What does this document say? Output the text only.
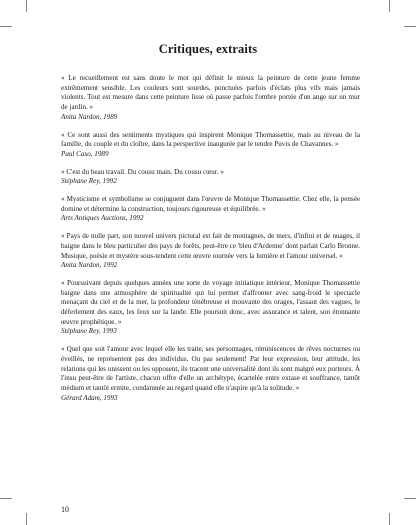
Critiques, extraits
« Le recueillement est sans doute le mot qui définit le mieux la peinture de cette jeune femme extrêmement sensible. Les couleurs sont sourdes, ponctuées parfois d'éclats plus vifs mais jamais violents. Tout est mesure dans cette peinture lisse où passe parfois l'ombre portée d'un ange sur un mur de jardin. »
Anita Nardon, 1989
« Ce sont aussi des sentiments mystiques qui inspirent Monique Thomassettie, mais au niveau de la famille, du couple et du cloître, dans la perspective inaugurée par le tendre Puvis de Chavannes. »
Paul Caso, 1989
« C'est du beau travail. Du cousu main. Du cousu cœur. »
Stéphane Rey, 1992
« Mysticisme et symbolisme se conjuguent dans l'œuvre de Monique Thomassettie. Chez elle, la pensée domine et détermine la construction, toujours rigoureuse et équilibrée. »
Arts Antiques Auctions, 1992
« Pays de nulle part, son nouvel univers pictural est fait de montagnes, de mers, d'infini et de nuages, il baigne dans le bleu particulier des pays de forêts, peut-être ce 'bleu d'Ardenne' dont parlait Carlo Bronne. Musique, poésie et mystère sous-tendent cette œuvre tournée vers la lumière et l'amour universel. »
Anita Nardon, 1992
« Poursuivant depuis quelques années une sorte de voyage initiatique intérieur, Monique Thomassettie baigne dans une atmosphère de spiritualité qui lui permet d'affronter avec sang-froid le spectacle menaçant du ciel et de la mer, la profondeur ténébreuse et mouvante des orages, l'assaut des vagues, le déferlement des eaux, les feux sur la lande. Elle poursuit donc, avec assurance et talent, son étonnante œuvre prophétique. »
Stéphane Rey, 1993
« Quel que soit l'amour avec lequel elle les traite, ses personnages, réminiscences de rêves nocturnes ou éveillés, ne représentent pas des individus. Ou pas seulement! Par leur expression, leur attitude, les relations qui les unissent ou les opposent, ils tracent une universalité dont ils sont malgré eux porteurs. À l'insu peut-être de l'artiste, chacun offre d'elle un archétype, écartelée entre extase et souffrance, tantôt médium et tantôt ermite, condamnée au regard quand elle n'aspire qu'à la solitude. »
Gérard Adam, 1993
10
